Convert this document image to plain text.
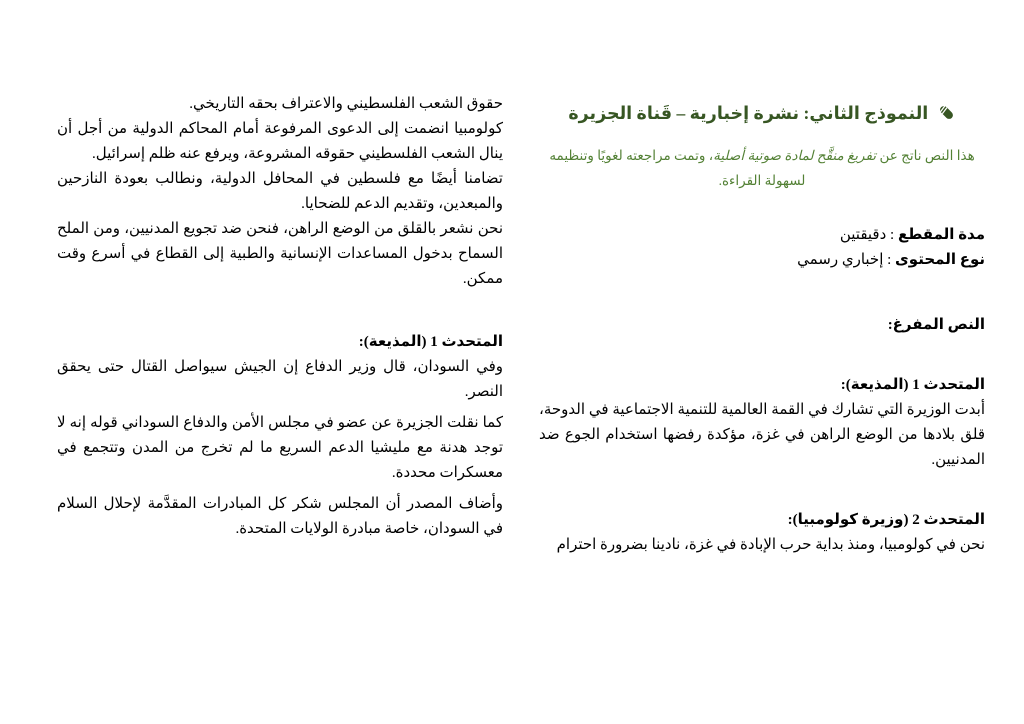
النموذج الثاني: نشرة إخبارية – قَناة الجزيرة

هذا النص ناتج عن تفريغ منقَّح لمادة صوتية أصلية، وتمت مراجعته لغويًا وتنظيمه لسهولة القراءة.

مدة المقطع : دقيقتين

نوع المحتوى : إخباري رسمي

النص المفرغ:

المتحدث 1 (المذيعة):

أبدت الوزيرة التي تشارك في القمة العالمية للتنمية الاجتماعية في الدوحة، قلق بلادها من الوضع الراهن في غزة، مؤكدة رفضها استخدام الجوع ضد المدنيين.

المتحدث 2 (وزيرة كولومبيا):

نحن في كولومبيا، ومنذ بداية حرب الإبادة في غزة، نادينا بضرورة احترام

حقوق الشعب الفلسطيني والاعتراف بحقه التاريخي.

كولومبيا انضمت إلى الدعوى المرفوعة أمام المحاكم الدولية من أجل أن ينال الشعب الفلسطيني حقوقه المشروعة، ويرفع عنه ظلم إسرائيل.

تضامنا أيضًا مع فلسطين في المحافل الدولية، ونطالب بعودة النازحين والمبعدين، وتقديم الدعم للضحايا.

نحن نشعر بالقلق من الوضع الراهن، فنحن ضد تجويع المدنيين، ومن الملح السماح بدخول المساعدات الإنسانية والطبية إلى القطاع في أسرع وقت ممكن.

المتحدث 1 (المذيعة):

وفي السودان، قال وزير الدفاع إن الجيش سيواصل القتال حتى يحقق النصر.

كما نقلت الجزيرة عن عضو في مجلس الأمن والدفاع السوداني قوله إنه لا توجد هدنة مع مليشيا الدعم السريع ما لم تخرج من المدن وتتجمع في معسكرات محددة.

وأضاف المصدر أن المجلس شكر كل المبادرات المقدَّمة لإحلال السلام في السودان، خاصة مبادرة الولايات المتحدة.
